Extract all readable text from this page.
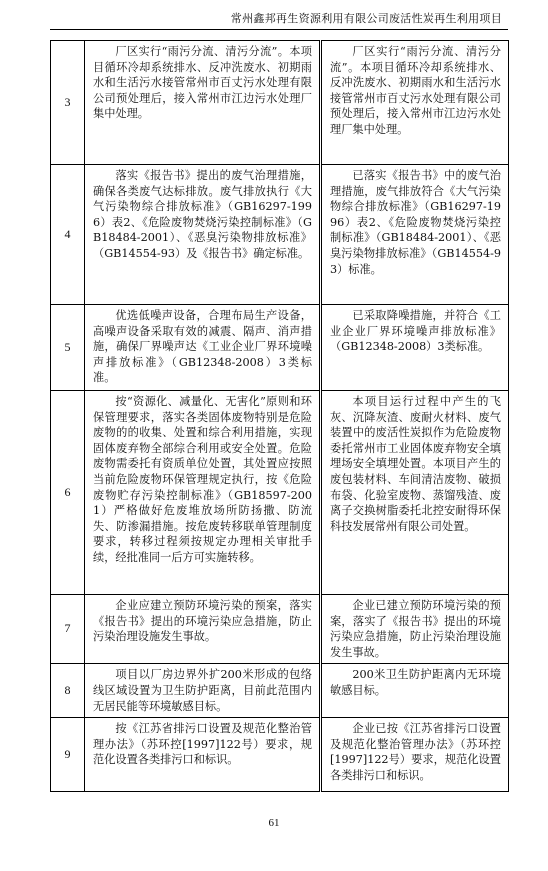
常州鑫邦再生资源利用有限公司废活性炭再生利用项目
3	厂区实行“雨污分流、清污分流”。本项目循环冷却系统排水、反冲洗废水、初期雨水和生活污水接管常州市百丈污水处理有限公司预处理后，接入常州市江边污水处理厂集中处理。	厂区实行“雨污分流、清污分流”。本项目循环冷却系统排水、反冲洗废水、初期雨水和生活污水接管常州市百丈污水处理有限公司预处理后，接入常州市江边污水处理厂集中处理。
4	落实《报告书》提出的废气治理措施，确保各类废气达标排放。废气排放执行《大气污染物综合排放标准》（GB16297-1996）表2、《危险废物焚烧污染控制标准》（GB18484-2001）、《恶臭污染物排放标准》（GB14554-93）及《报告书》确定标准。	已落实《报告书》中的废气治理措施，废气排放符合《大气污染物综合排放标准》（GB16297-1996）表2、《危险废物焚烧污染控制标准》（GB18484-2001）、《恶臭污染物排放标准》（GB14554-93）标准。
5	优选低噪声设备，合理布局生产设备，高噪声设备采取有效的减震、隔声、消声措施，确保厂界噪声达《工业企业厂界环境噪声排放标准》（GB12348-2008）3类标准。	已采取降噪措施，并符合《工业企业厂界环境噪声排放标准》（GB12348-2008）3类标准。
6	按“资源化、减量化、无害化”原则和环保管理要求，落实各类固体废物特别是危险废物的的收集、处置和综合利用措施，实现固体废弃物全部综合利用或安全处置。危险废物需委托有资质单位处置，其处置应按照当前危险废物环保管理规定执行，按《危险废物贮存污染控制标准》（GB18597-2001）严格做好危废堆放场所防扬撒、防流失、防渗漏措施。按危废转移联单管理制度要求，转移过程须按规定办理相关审批手续，经批准同一后方可实施转移。	本项目运行过程中产生的飞灰、沉降灰渣、废耐火材料、废气装置中的废活性炭拟作为危险废物委托常州市工业固体废弃物安全填埋场安全填埋处置。本项目产生的废包装材料、车间清洁废物、破损布袋、化验室废物、蒸馏残渣、废离子交换树脂委托北控安耐得环保科技发展常州有限公司处置。
7	企业应建立预防环境污染的预案，落实《报告书》提出的环境污染应急措施，防止污染治理设施发生事故。	企业已建立预防环境污染的预案，落实了《报告书》提出的环境污染应急措施，防止污染治理设施发生事故。
8	项目以厂房边界外扩200米形成的包络线区域设置为卫生防护距离，目前此范围内无居民能等环境敏感目标。	200米卫生防护距离内无环境敏感目标。
9	按《江苏省排污口设置及规范化整治管理办法》（苏环控[1997]122号）要求，规范化设置各类排污口和标识。	企业已按《江苏省排污口设置及规范化整治管理办法》（苏环控[1997]122号）要求，规范化设置各类排污口和标识。
61
